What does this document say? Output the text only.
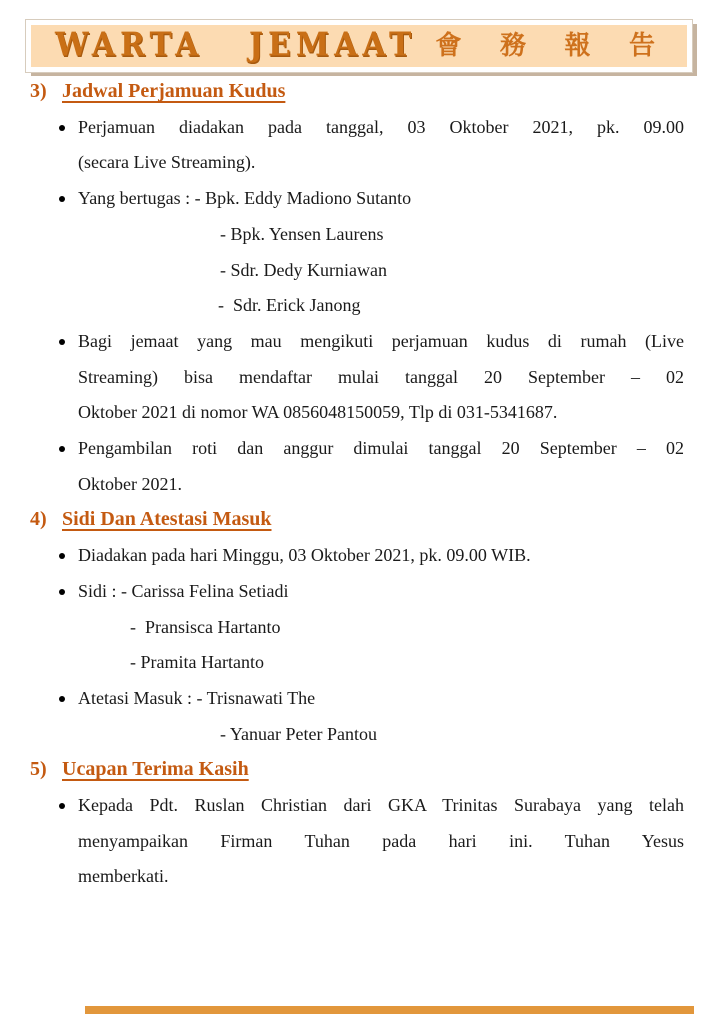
WARTA JEMAAT 會 務 報 告
3) Jadwal Perjamuan Kudus
Perjamuan diadakan pada tanggal, 03 Oktober 2021, pk. 09.00
(secara Live Streaming).
Yang bertugas : - Bpk. Eddy Madiono Sutanto
- Bpk. Yensen Laurens
- Sdr. Dedy Kurniawan
-  Sdr. Erick Janong
Bagi jemaat yang mau mengikuti perjamuan kudus di rumah (Live
Streaming) bisa mendaftar mulai tanggal 20 September – 02
Oktober 2021 di nomor WA 0856048150059, Tlp di 031-5341687.
Pengambilan roti dan anggur dimulai tanggal 20 September – 02
Oktober 2021.
4) Sidi Dan Atestasi Masuk
Diadakan pada hari Minggu, 03 Oktober 2021, pk. 09.00 WIB.
Sidi : - Carissa Felina Setiadi
-  Pransisca Hartanto
- Pramita Hartanto
Atetasi Masuk : - Trisnawati The
- Yanuar Peter Pantou
5) Ucapan Terima Kasih
Kepada Pdt. Ruslan Christian dari GKA Trinitas Surabaya yang telah
menyampaikan Firman Tuhan pada hari ini. Tuhan Yesus
memberkati.
